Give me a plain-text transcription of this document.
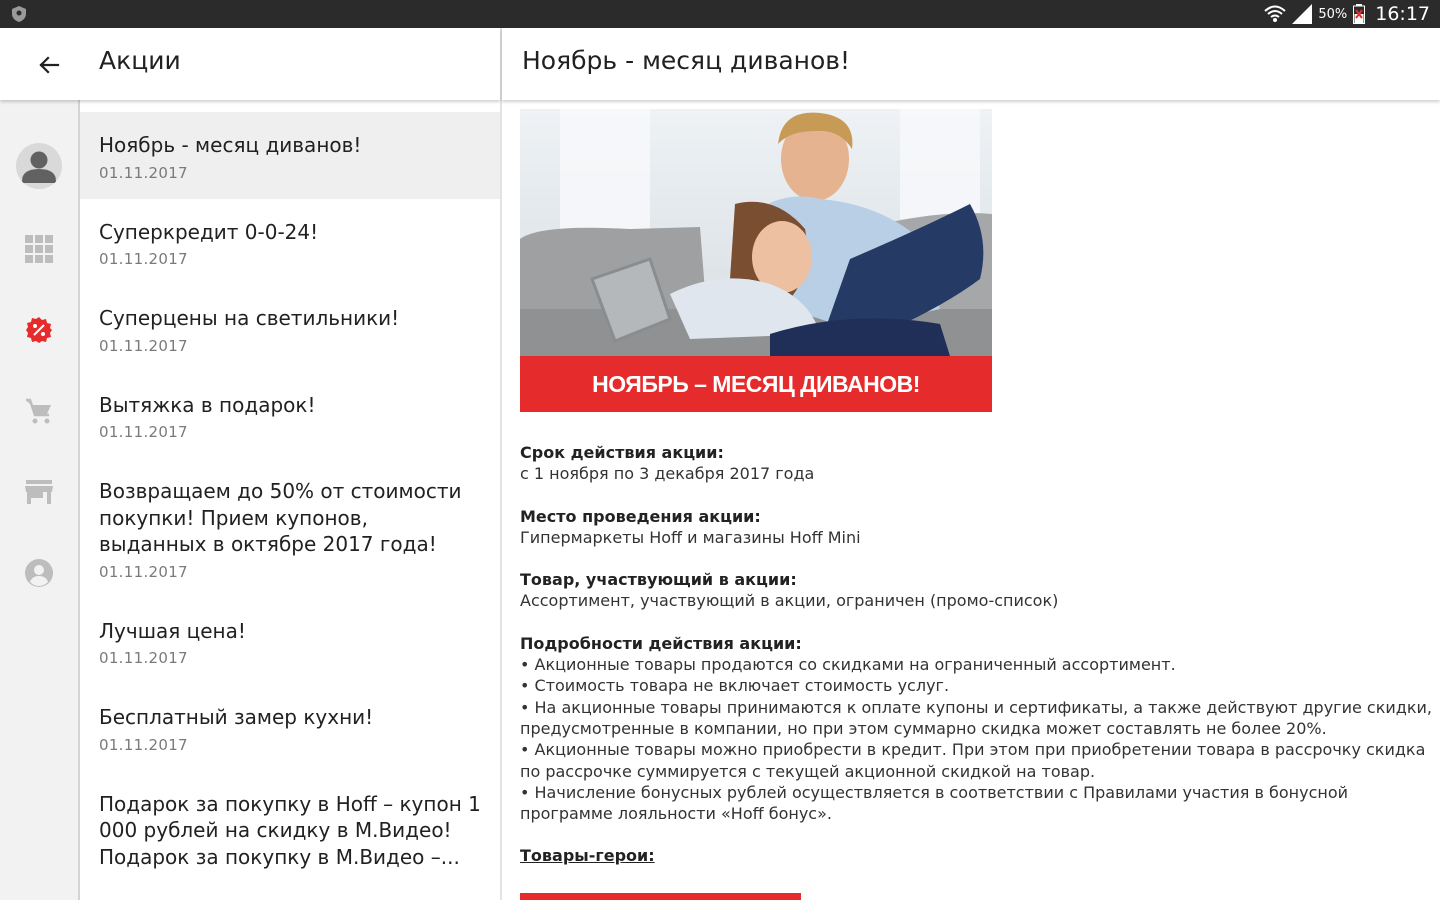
50% 16:17
Акции
Ноябрь - месяц диванов!
01.11.2017
Суперкредит 0-0-24!
01.11.2017
Суперцены на светильники!
01.11.2017
Вытяжка в подарок!
01.11.2017
Возвращаем до 50% от стоимости покупки! Прием купонов, выданных в октябре 2017 года!
01.11.2017
Лучшая цена!
01.11.2017
Бесплатный замер кухни!
01.11.2017
Подарок за покупку в Hoff – купон 1 000 рублей на скидку в М.Видео! Подарок за покупку в М.Видео –...
Ноябрь - месяц диванов!
НОЯБРЬ – МЕСЯЦ ДИВАНОВ!
Срок действия акции:
с 1 ноября по 3 декабря 2017 года
Место проведения акции:
Гипермаркеты Hoff и магазины Hoff Mini
Товар, участвующий в акции:
Ассортимент, участвующий в акции, ограничен (промо-список)
Подробности действия акции:
• Акционные товары продаются со скидками на ограниченный ассортимент.
• Стоимость товара не включает стоимость услуг.
• На акционные товары принимаются к оплате купоны и сертификаты, а также действуют другие скидки, предусмотренные в компании, но при этом суммарно скидка может составлять не более 20%.
• Акционные товары можно приобрести в кредит. При этом при приобретении товара в рассрочку скидка по рассрочке суммируется с текущей акционной скидкой на товар.
• Начисление бонусных рублей осуществляется в соответствии с Правилами участия в бонусной программе лояльности «Hoff бонус».
Товары-герои:
